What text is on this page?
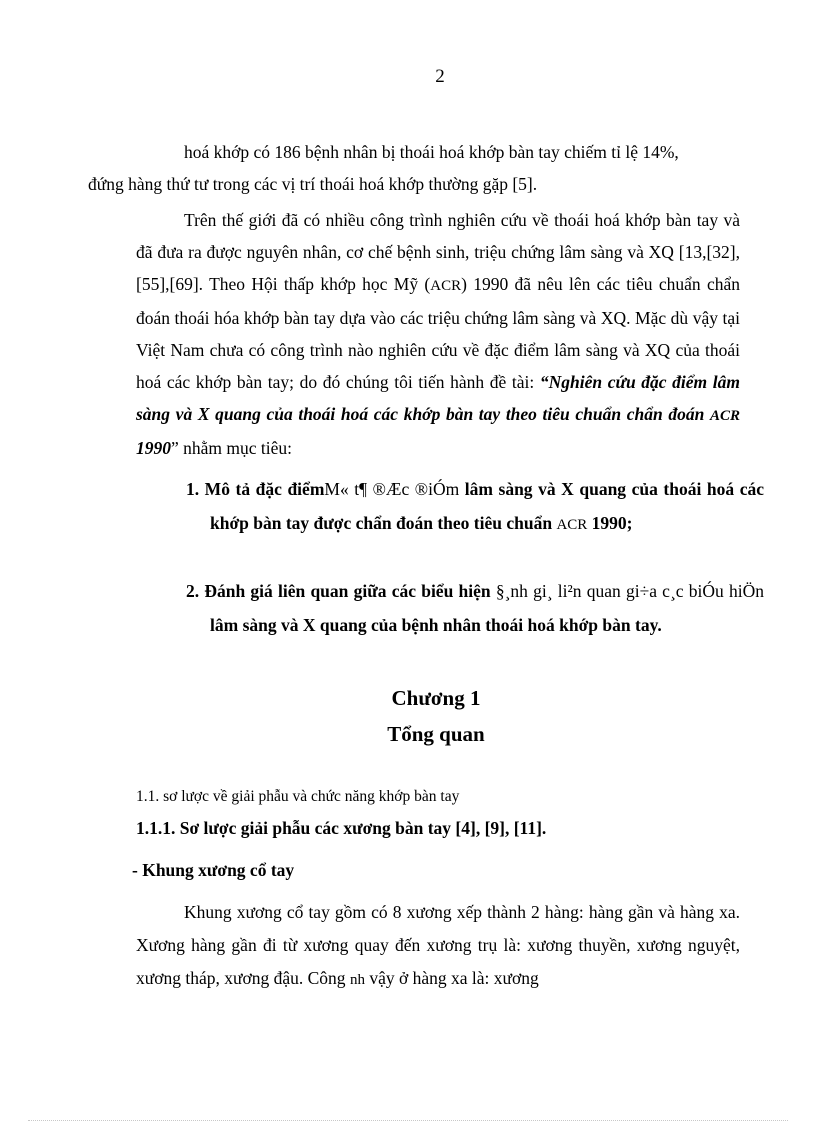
2

hoá khớp có 186 bệnh nhân bị thoái hoá khớp bàn tay chiếm tỉ lệ 14%,
đứng hàng thứ tư trong các vị trí thoái hoá khớp thường gặp [5].

Trên thế giới đã có nhiều công trình nghiên cứu về thoái hoá khớp bàn tay và đã đưa ra được nguyên nhân, cơ chế bệnh sinh, triệu chứng lâm sàng và XQ [13,[32],[55],[69]. Theo Hội thấp khớp học Mỹ (ACR) 1990 đã nêu lên các tiêu chuẩn chẩn đoán thoái hóa khớp bàn tay dựa vào các triệu chứng lâm sàng và XQ. Mặc dù vậy tại Việt Nam chưa có công trình nào nghiên cứu về đặc điểm lâm sàng và XQ của thoái hoá các khớp bàn tay; do đó chúng tôi tiến hành đề tài: “Nghiên cứu đặc điểm lâm sàng và X quang của thoái hoá các khớp bàn tay theo tiêu chuẩn chẩn đoán ACR 1990” nhằm mục tiêu:

1. Mô tả đặc điểmM« t¶ ®Æc ®iÓm lâm sàng và X quang của thoái hoá các khớp bàn tay được chẩn đoán theo tiêu chuẩn ACR 1990;
2. Đánh giá liên quan giữa các biểu hiện §¸nh gi¸ li²n quan gi÷a c¸c biÓu hiÖn lâm sàng và X quang của bệnh nhân thoái hoá khớp bàn tay.
Chương 1
Tổng quan
1.1. sơ lược về giải phẫu và chức năng khớp bàn tay
1.1.1. Sơ lược giải phẫu các xương bàn tay [4], [9], [11].
- Khung xương cổ tay

Khung xương cổ tay gồm có 8 xương xếp thành 2 hàng: hàng gần và hàng xa. Xương hàng gần đi từ xương quay đến xương trụ là: xương thuyền, xương nguyệt, xương tháp, xương đậu. Công nh vậy ở hàng xa là: xương
